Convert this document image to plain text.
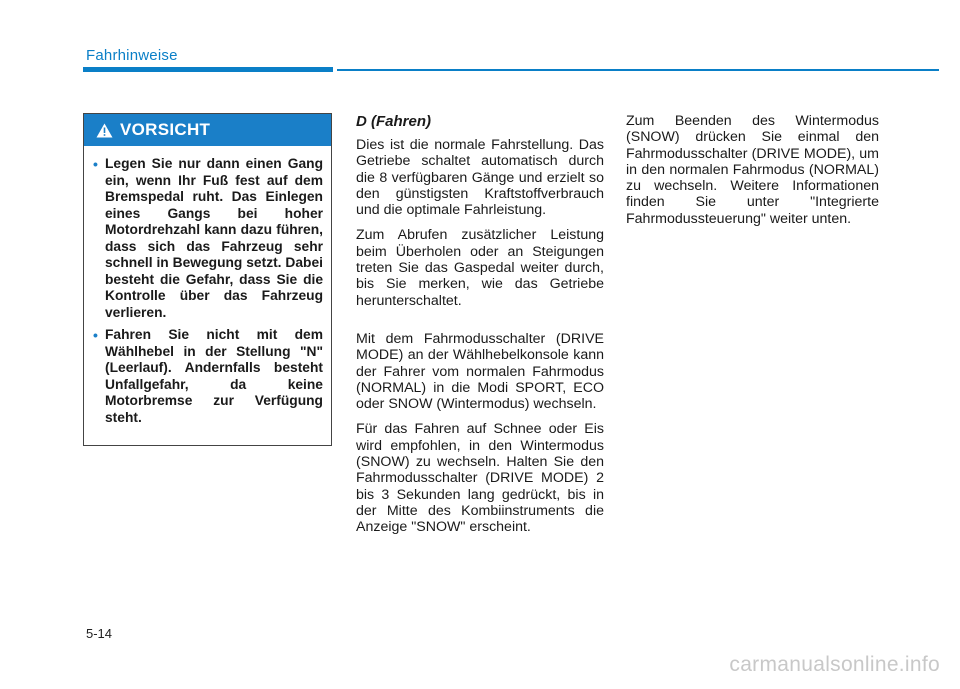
Fahrhinweise
VORSICHT
• Legen Sie nur dann einen Gang ein, wenn Ihr Fuß fest auf dem Bremspedal ruht. Das Einlegen eines Gangs bei hoher Motordrehzahl kann dazu führen, dass sich das Fahrzeug sehr schnell in Bewegung setzt. Dabei besteht die Gefahr, dass Sie die Kontrolle über das Fahrzeug verlieren.
• Fahren Sie nicht mit dem Wählhebel in der Stellung "N" (Leerlauf). Andernfalls besteht Unfallgefahr, da keine Motorbremse zur Verfügung steht.
D (Fahren)

Dies ist die normale Fahrstellung. Das Getriebe schaltet automatisch durch die 8 verfügbaren Gänge und erzielt so den günstigsten Kraftstoffverbrauch und die optimale Fahrleistung.

Zum Abrufen zusätzlicher Leistung beim Überholen oder an Steigungen treten Sie das Gaspedal weiter durch, bis Sie merken, wie das Getriebe herunterschaltet.

Mit dem Fahrmodusschalter (DRIVE MODE) an der Wählhebelkonsole kann der Fahrer vom normalen Fahrmodus (NORMAL) in die Modi SPORT, ECO oder SNOW (Wintermodus) wechseln.

Für das Fahren auf Schnee oder Eis wird empfohlen, in den Wintermodus (SNOW) zu wechseln. Halten Sie den Fahrmodusschalter (DRIVE MODE) 2 bis 3 Sekunden lang gedrückt, bis in der Mitte des Kombiinstruments die Anzeige "SNOW" erscheint.

Zum Beenden des Wintermodus (SNOW) drücken Sie einmal den Fahrmodusschalter (DRIVE MODE), um in den normalen Fahrmodus (NORMAL) zu wechseln. Weitere Informationen finden Sie unter "Integrierte Fahrmodussteuerung" weiter unten.

5-14
carmanualsonline.info
